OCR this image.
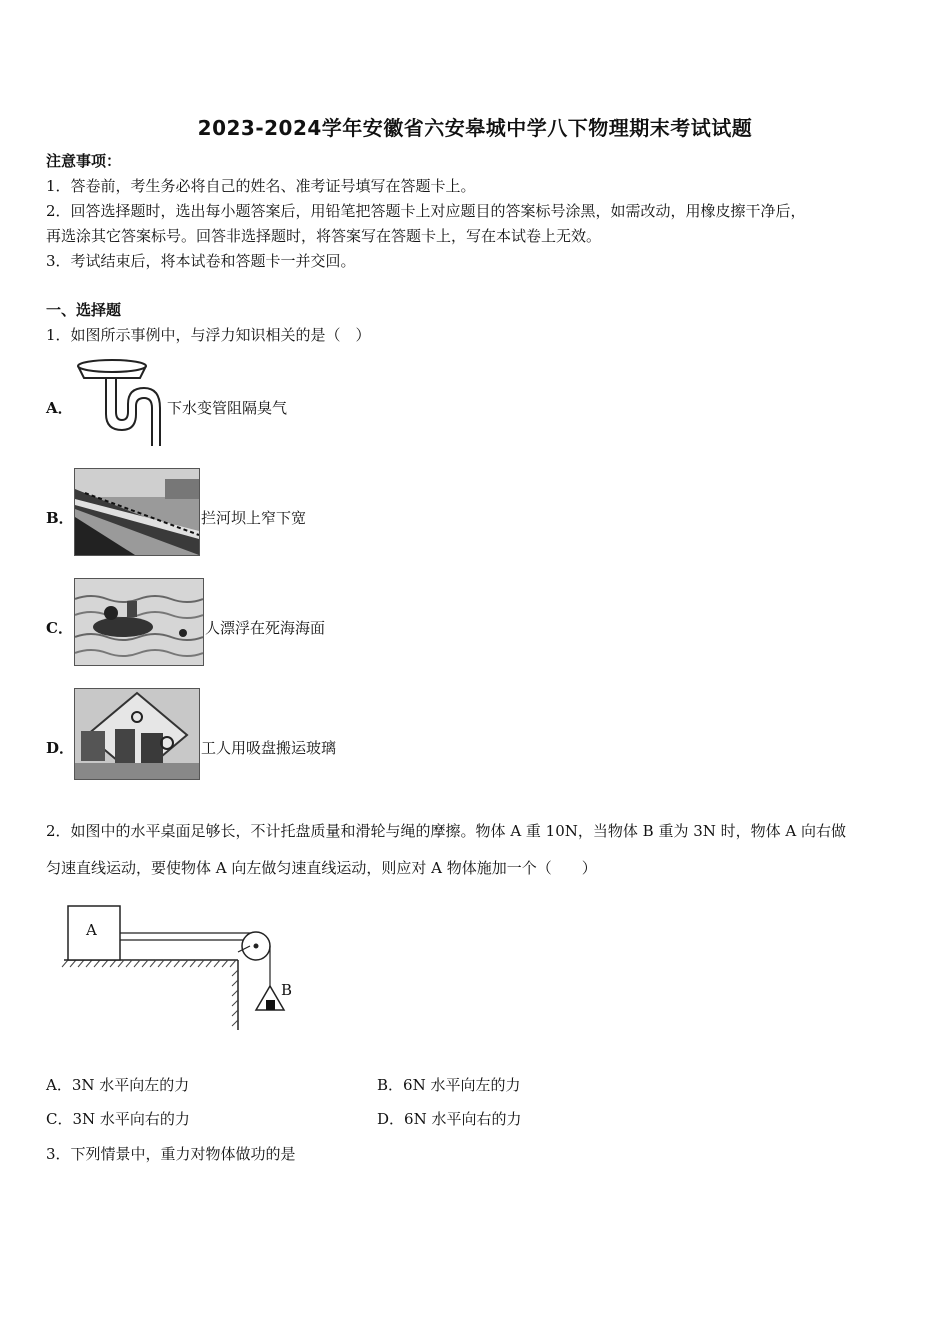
2023-2024学年安徽省六安皋城中学八下物理期末考试试题
注意事项：
1．答卷前，考生务必将自己的姓名、准考证号填写在答题卡上。
2．回答选择题时，选出每小题答案后，用铅笔把答题卡上对应题目的答案标号涂黑，如需改动，用橡皮擦干净后，
再选涂其它答案标号。回答非选择题时，将答案写在答题卡上，写在本试卷上无效。
3．考试结束后，将本试卷和答题卡一并交回。
一、选择题
1．如图所示事例中，与浮力知识相关的是（　）
A．	下水变管阻隔臭气
B．	拦河坝上窄下宽
C．	人漂浮在死海海面
D．	工人用吸盘搬运玻璃
2．如图中的水平桌面足够长，不计托盘质量和滑轮与绳的摩擦。物体 A 重 10N，当物体 B 重为 3N 时，物体 A 向右做
匀速直线运动，要使物体 A 向左做匀速直线运动，则应对 A 物体施加一个（　　）
A
B
A．3N 水平向左的力	B．6N 水平向左的力
C．3N 水平向右的力	D．6N 水平向右的力
3．下列情景中，重力对物体做功的是
